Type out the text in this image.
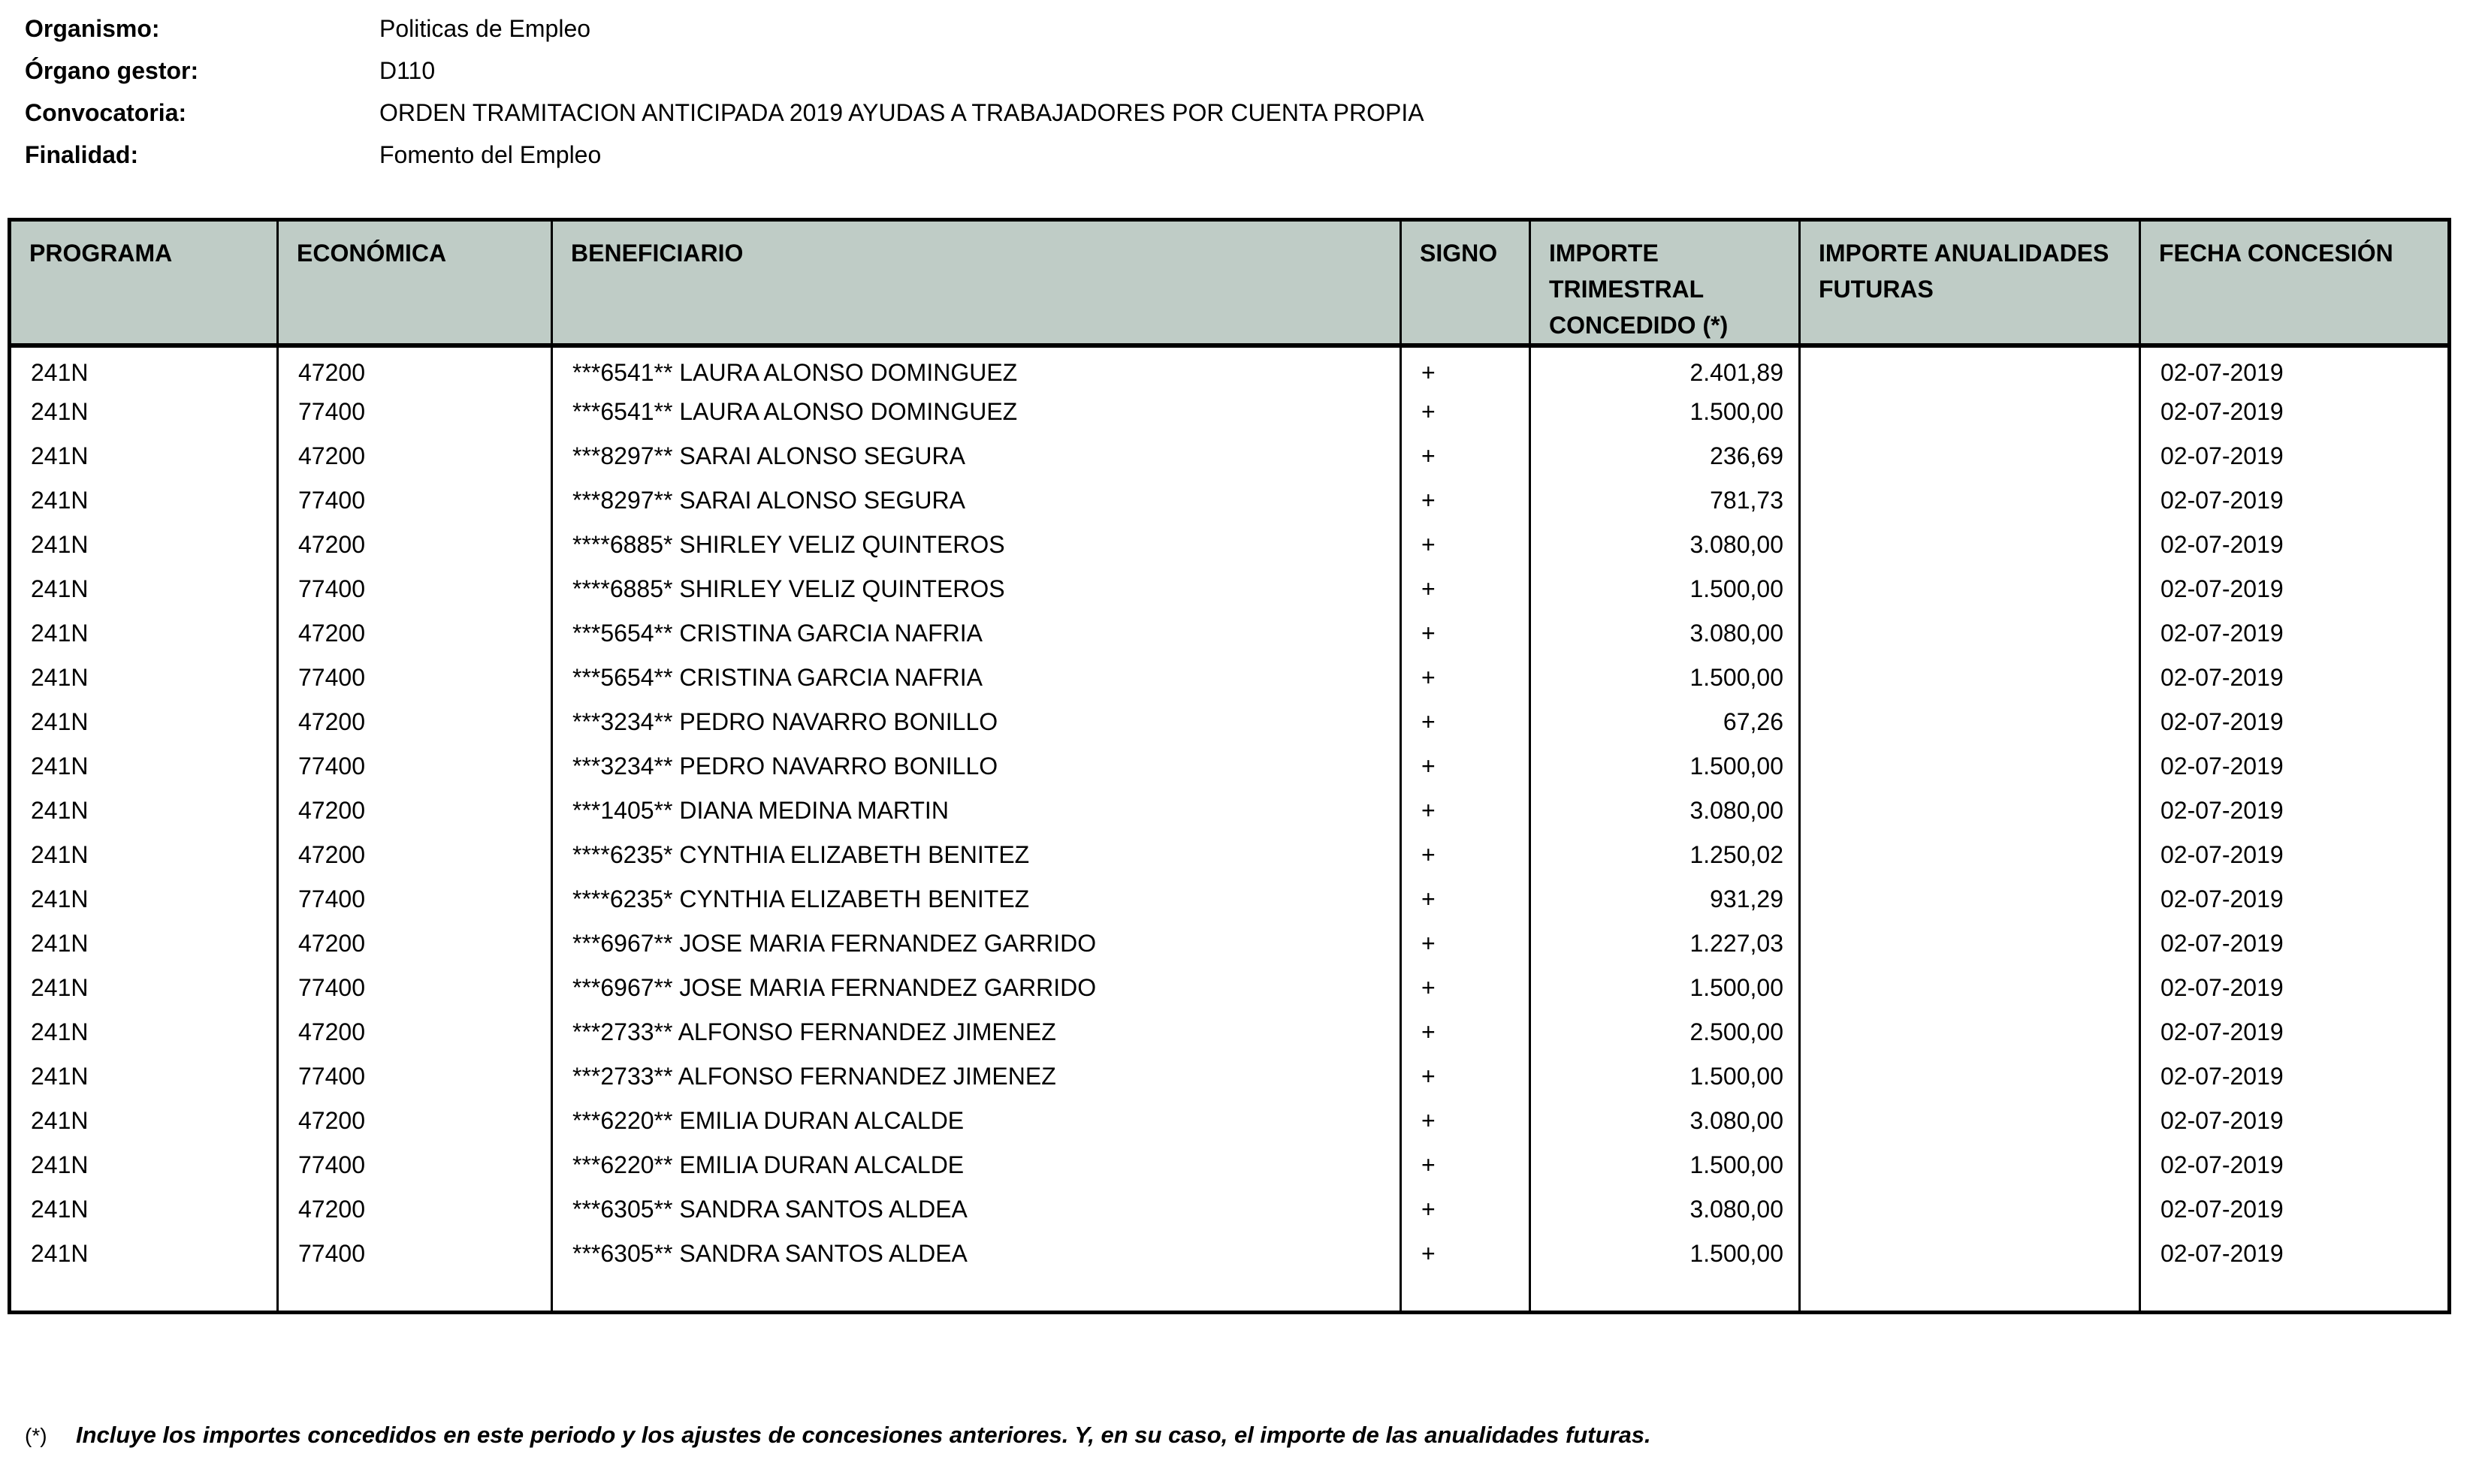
Organismo:	Politicas de Empleo
Órgano gestor:	D110
Convocatoria:	ORDEN TRAMITACION ANTICIPADA 2019 AYUDAS A TRABAJADORES POR CUENTA PROPIA
Finalidad:	Fomento del Empleo
PROGRAMA	ECONÓMICA	BENEFICIARIO	SIGNO	IMPORTE TRIMESTRAL CONCEDIDO (*)	IMPORTE ANUALIDADES FUTURAS	FECHA CONCESIÓN
241N	47200	***6541** LAURA ALONSO DOMINGUEZ	+	2.401,89		02-07-2019
241N	77400	***6541** LAURA ALONSO DOMINGUEZ	+	1.500,00		02-07-2019
241N	47200	***8297** SARAI ALONSO SEGURA	+	236,69		02-07-2019
241N	77400	***8297** SARAI ALONSO SEGURA	+	781,73		02-07-2019
241N	47200	****6885* SHIRLEY VELIZ QUINTEROS	+	3.080,00		02-07-2019
241N	77400	****6885* SHIRLEY VELIZ QUINTEROS	+	1.500,00		02-07-2019
241N	47200	***5654** CRISTINA GARCIA NAFRIA	+	3.080,00		02-07-2019
241N	77400	***5654** CRISTINA GARCIA NAFRIA	+	1.500,00		02-07-2019
241N	47200	***3234** PEDRO NAVARRO BONILLO	+	67,26		02-07-2019
241N	77400	***3234** PEDRO NAVARRO BONILLO	+	1.500,00		02-07-2019
241N	47200	***1405** DIANA MEDINA MARTIN	+	3.080,00		02-07-2019
241N	47200	****6235* CYNTHIA ELIZABETH BENITEZ	+	1.250,02		02-07-2019
241N	77400	****6235* CYNTHIA ELIZABETH BENITEZ	+	931,29		02-07-2019
241N	47200	***6967** JOSE MARIA FERNANDEZ GARRIDO	+	1.227,03		02-07-2019
241N	77400	***6967** JOSE MARIA FERNANDEZ GARRIDO	+	1.500,00		02-07-2019
241N	47200	***2733** ALFONSO FERNANDEZ JIMENEZ	+	2.500,00		02-07-2019
241N	77400	***2733** ALFONSO FERNANDEZ JIMENEZ	+	1.500,00		02-07-2019
241N	47200	***6220** EMILIA DURAN ALCALDE	+	3.080,00		02-07-2019
241N	77400	***6220** EMILIA DURAN ALCALDE	+	1.500,00		02-07-2019
241N	47200	***6305** SANDRA SANTOS ALDEA	+	3.080,00		02-07-2019
241N	77400	***6305** SANDRA SANTOS ALDEA	+	1.500,00		02-07-2019

(*)	Incluye los importes concedidos en este periodo y los ajustes de concesiones anteriores. Y, en su caso, el importe de las anualidades futuras.
